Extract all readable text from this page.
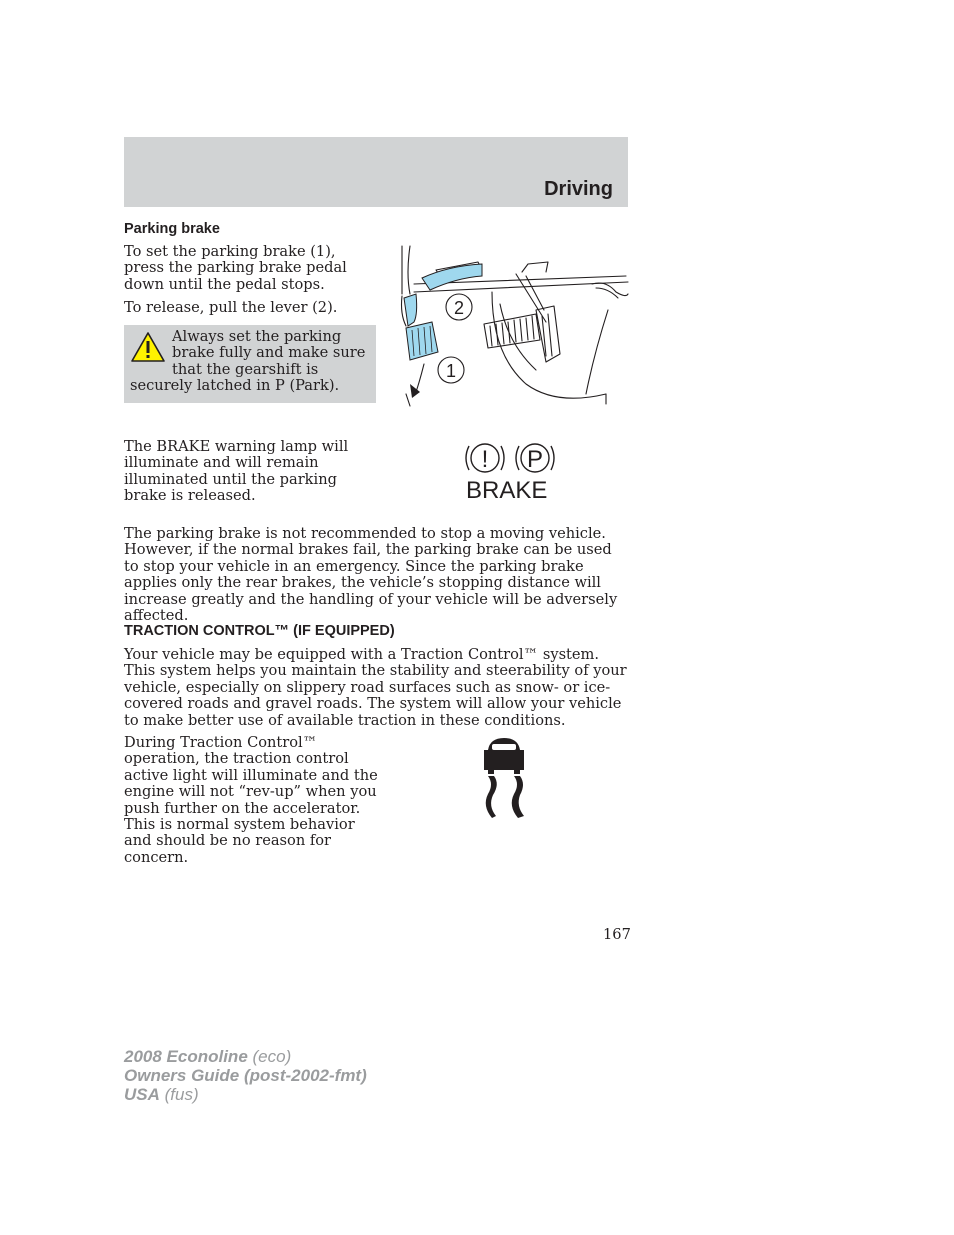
Driving
Parking brake
To set the parking brake (1), press the parking brake pedal down until the pedal stops.
To release, pull the lever (2).
Always set the parking brake fully and make sure that the gearshift is securely latched in P (Park).
2
1
The BRAKE warning lamp will illuminate and will remain illuminated until the parking brake is released.
! P
BRAKE
The parking brake is not recommended to stop a moving vehicle. However, if the normal brakes fail, the parking brake can be used to stop your vehicle in an emergency. Since the parking brake applies only the rear brakes, the vehicle’s stopping distance will increase greatly and the handling of your vehicle will be adversely affected.
TRACTION CONTROL™ (IF EQUIPPED)
Your vehicle may be equipped with a Traction Control™ system. This system helps you maintain the stability and steerability of your vehicle, especially on slippery road surfaces such as snow- or ice-covered roads and gravel roads. The system will allow your vehicle to make better use of available traction in these conditions.
During Traction Control™ operation, the traction control active light will illuminate and the engine will not “rev-up” when you push further on the accelerator. This is normal system behavior and should be no reason for concern.
167
2008 Econoline (eco)
Owners Guide (post-2002-fmt)
USA (fus)
